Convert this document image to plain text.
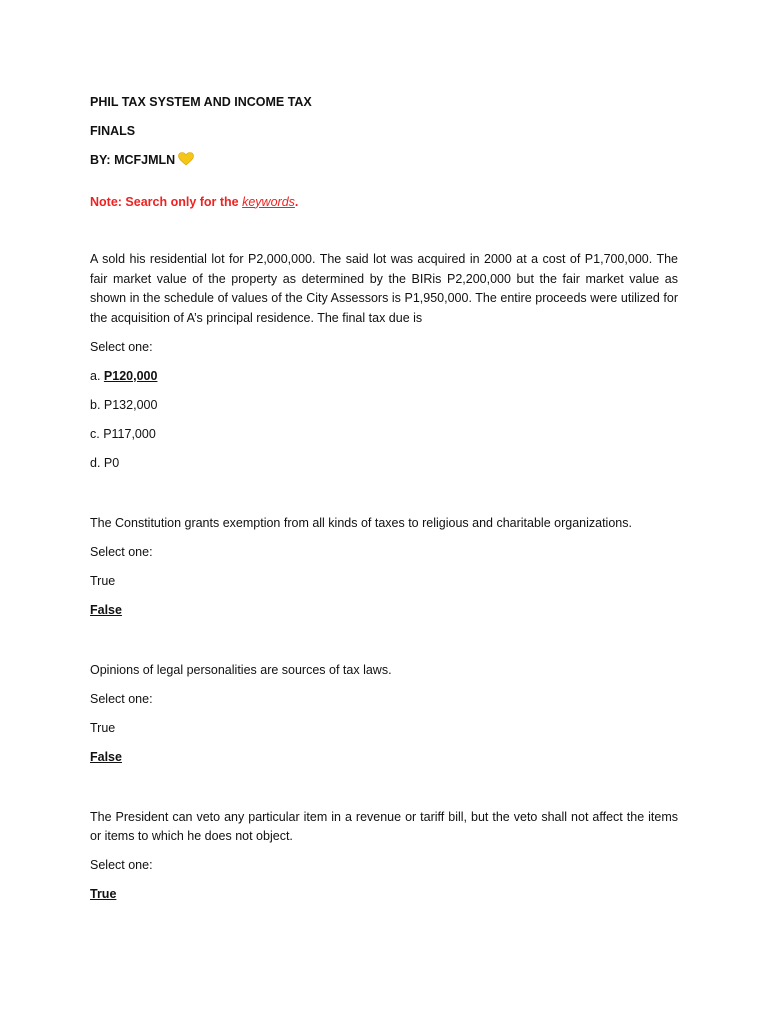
PHIL TAX SYSTEM AND INCOME TAX

FINALS

BY: MCFJMLN

Note: Search only for the keywords.

A sold his residential lot for P2,000,000. The said lot was acquired in 2000 at a cost of P1,700,000. The fair market value of the property as determined by the BIRis P2,200,000 but the fair market value as shown in the schedule of values of the City Assessors is P1,950,000. The entire proceeds were utilized for the acquisition of A’s principal residence. The final tax due is

Select one:

a. P120,000

b. P132,000

c. P117,000

d. P0

The Constitution grants exemption from all kinds of taxes to religious and charitable organizations.

Select one:

True

False

Opinions of legal personalities are sources of tax laws.

Select one:

True

False

The President can veto any particular item in a revenue or tariff bill, but the veto shall not affect the items or items to which he does not object.

Select one:

True
